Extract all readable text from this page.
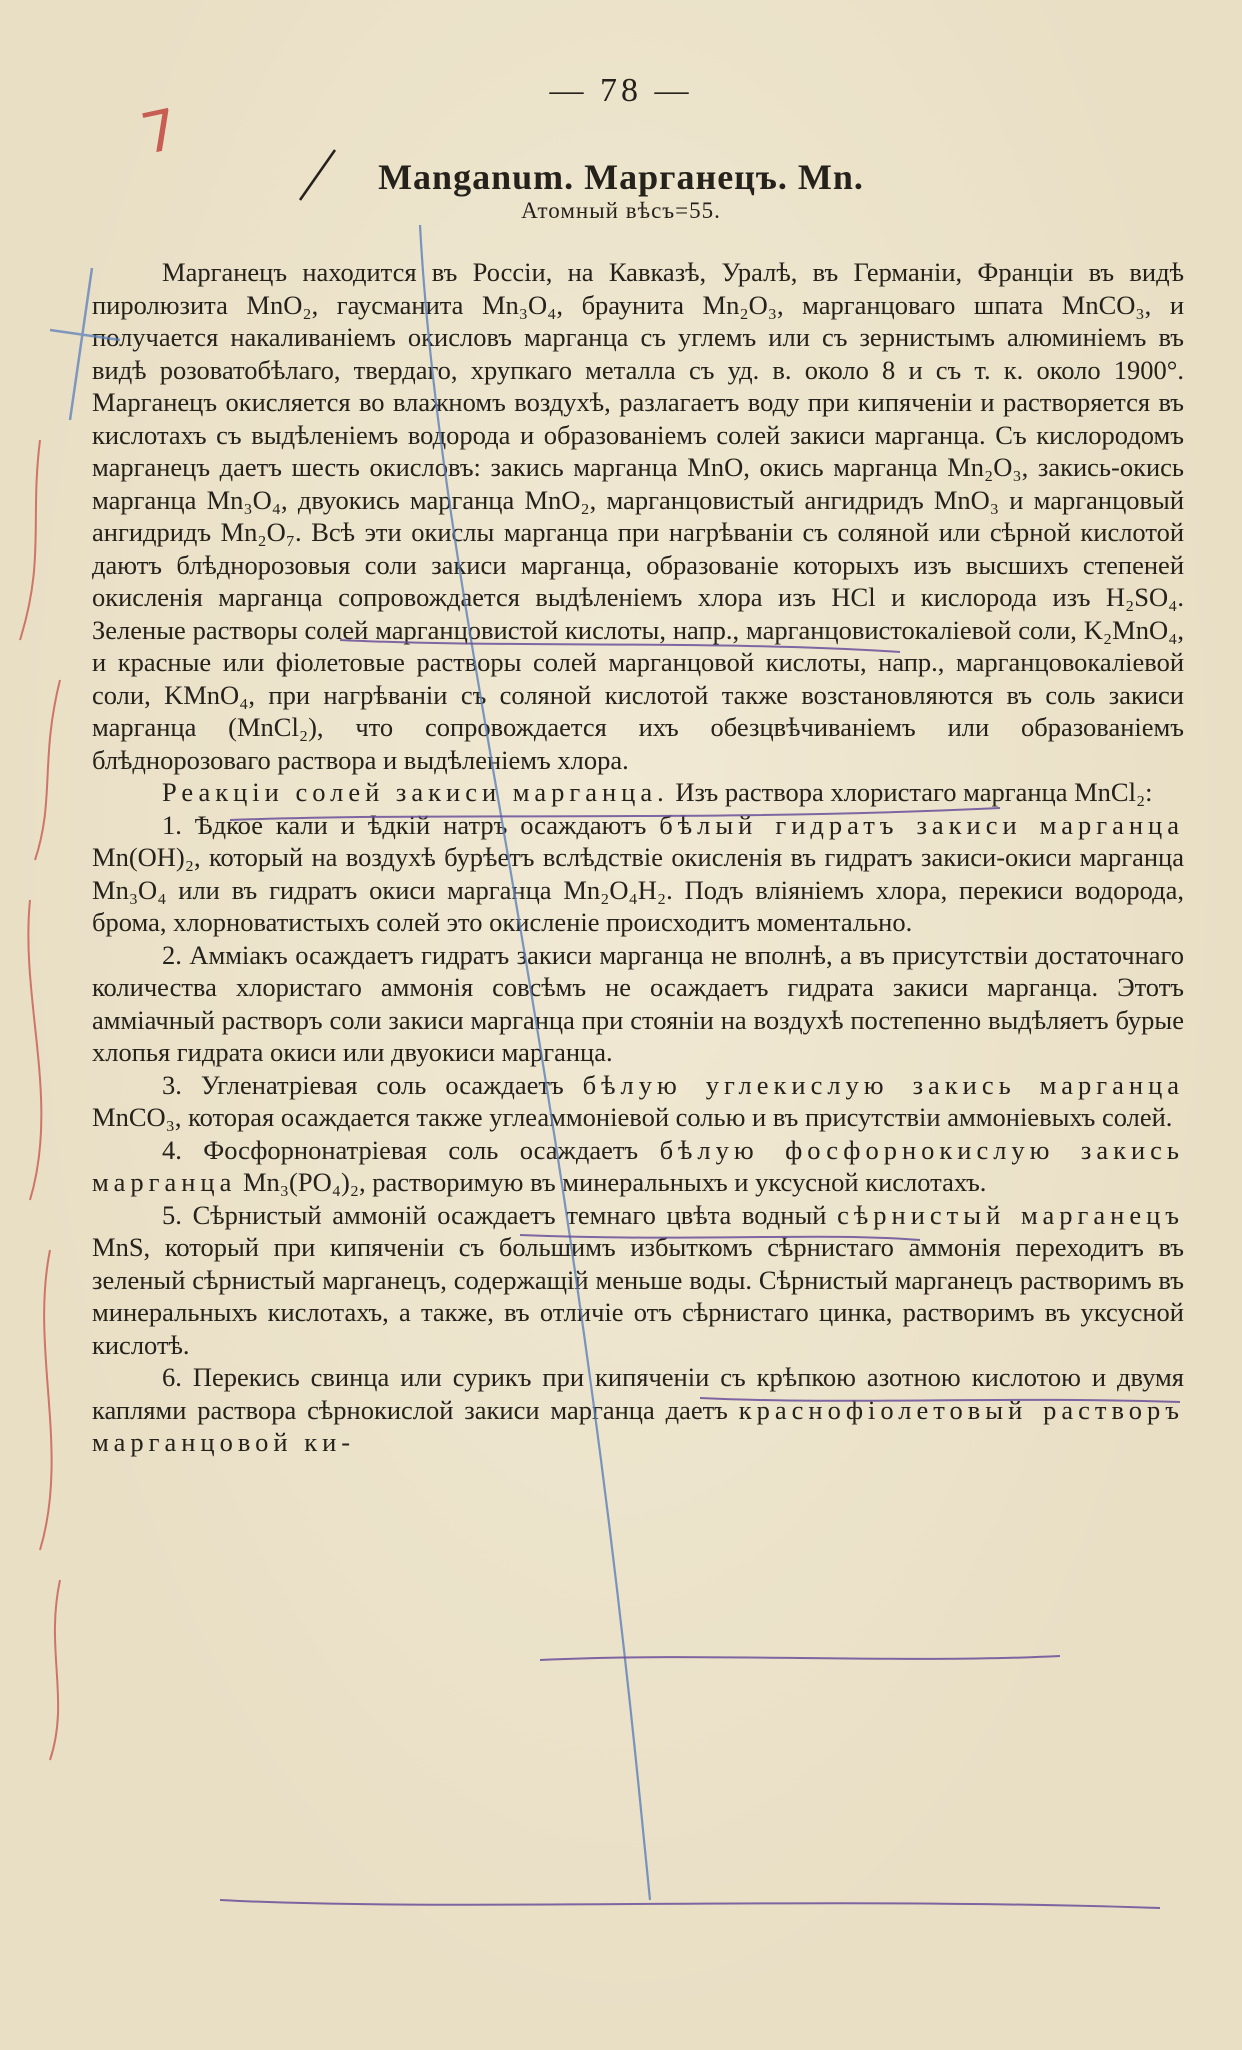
— 78 —
7
Manganum. Марганецъ. Mn.
Атомный вѣсъ=55.

Марганецъ находится въ Россіи, на Кавказѣ, Уралѣ, въ Германіи, Франціи въ видѣ пиролюзита MnO₂, гаусманита Mn₃O₄, браунита Mn₂O₃, марганцоваго шпата MnCO₃, и получается накаливаніемъ окисловъ марганца съ углемъ или съ зернистымъ алюминіемъ въ видѣ розоватобѣлаго, твердаго, хрупкаго металла съ уд. в. около 8 и съ т. к. около 1900°. Марганецъ окисляется во влажномъ воздухѣ, разлагаетъ воду при кипяченіи и растворяется въ кислотахъ съ выдѣленіемъ водорода и образованіемъ солей закиси марганца. Съ кислородомъ марганецъ даетъ шесть окисловъ: закись марганца MnO, окись марганца Mn₂O₃, закись-окись марганца Mn₃O₄, двуокись марганца MnO₂, марганцовистый ангидридъ MnO₃ и марганцовый ангидридъ Mn₂O₇. Всѣ эти окислы марганца при нагрѣваніи съ соляной или сѣрной кислотой даютъ блѣднорозовыя соли закиси марганца, образованіе которыхъ изъ высшихъ степеней окисленія марганца сопровождается выдѣленіемъ хлора изъ HCl и кислорода изъ H₂SO₄. Зеленые растворы солей марганцовистой кислоты, напр., марганцовистокаліевой соли, K₂MnO₄, и красные или фіолетовые растворы солей марганцовой кислоты, напр., марганцовокаліевой соли, KMnO₄, при нагрѣваніи съ соляной кислотой также возстановляются въ соль закиси марганца (MnCl₂), что сопровождается ихъ обезцвѣчиваніемъ или образованіемъ блѣднорозоваго раствора и выдѣленіемъ хлора.

Реакціи солей закиси марганца. Изъ раствора хлористаго марганца MnCl₂:

1. Ѣдкое кали и ѣдкій натръ осаждаютъ бѣлый гидратъ закиси марганца Mn(OH)₂, который на воздухѣ бурѣетъ вслѣдствіе окисленія въ гидратъ закиси-окиси марганца Mn₃O₄ или въ гидратъ окиси марганца Mn₂O₄H₂. Подъ вліяніемъ хлора, перекиси водорода, брома, хлорноватистыхъ солей это окисленіе происходитъ моментально.

2. Амміакъ осаждаетъ гидратъ закиси марганца не вполнѣ, а въ присутствіи достаточнаго количества хлористаго аммонія совсѣмъ не осаждаетъ гидрата закиси марганца. Этотъ амміачный растворъ соли закиси марганца при стояніи на воздухѣ постепенно выдѣляетъ бурые хлопья гидрата окиси или двуокиси марганца.

3. Угленатріевая соль осаждаетъ бѣлую углекислую закись марганца MnCO₃, которая осаждается также углеаммоніевой солью и въ присутствіи аммоніевыхъ солей.

4. Фосфорнонатріевая соль осаждаетъ бѣлую фосфорнокислую закись марганца Mn₃(PO₄)₂, растворимую въ минеральныхъ и уксусной кислотахъ.

5. Сѣрнистый аммоній осаждаетъ темнаго цвѣта водный сѣрнистый марганецъ MnS, который при кипяченіи съ большимъ избыткомъ сѣрнистаго аммонія переходитъ въ зеленый сѣрнистый марганецъ, содержащій меньше воды. Сѣрнистый марганецъ растворимъ въ минеральныхъ кислотахъ, а также, въ отличіе отъ сѣрнистаго цинка, растворимъ въ уксусной кислотѣ.

6. Перекись свинца или сурикъ при кипяченіи съ крѣпкою азотною кислотою и двумя каплями раствора сѣрнокислой закиси марганца даетъ краснофіолетовый растворъ марганцовой ки-
